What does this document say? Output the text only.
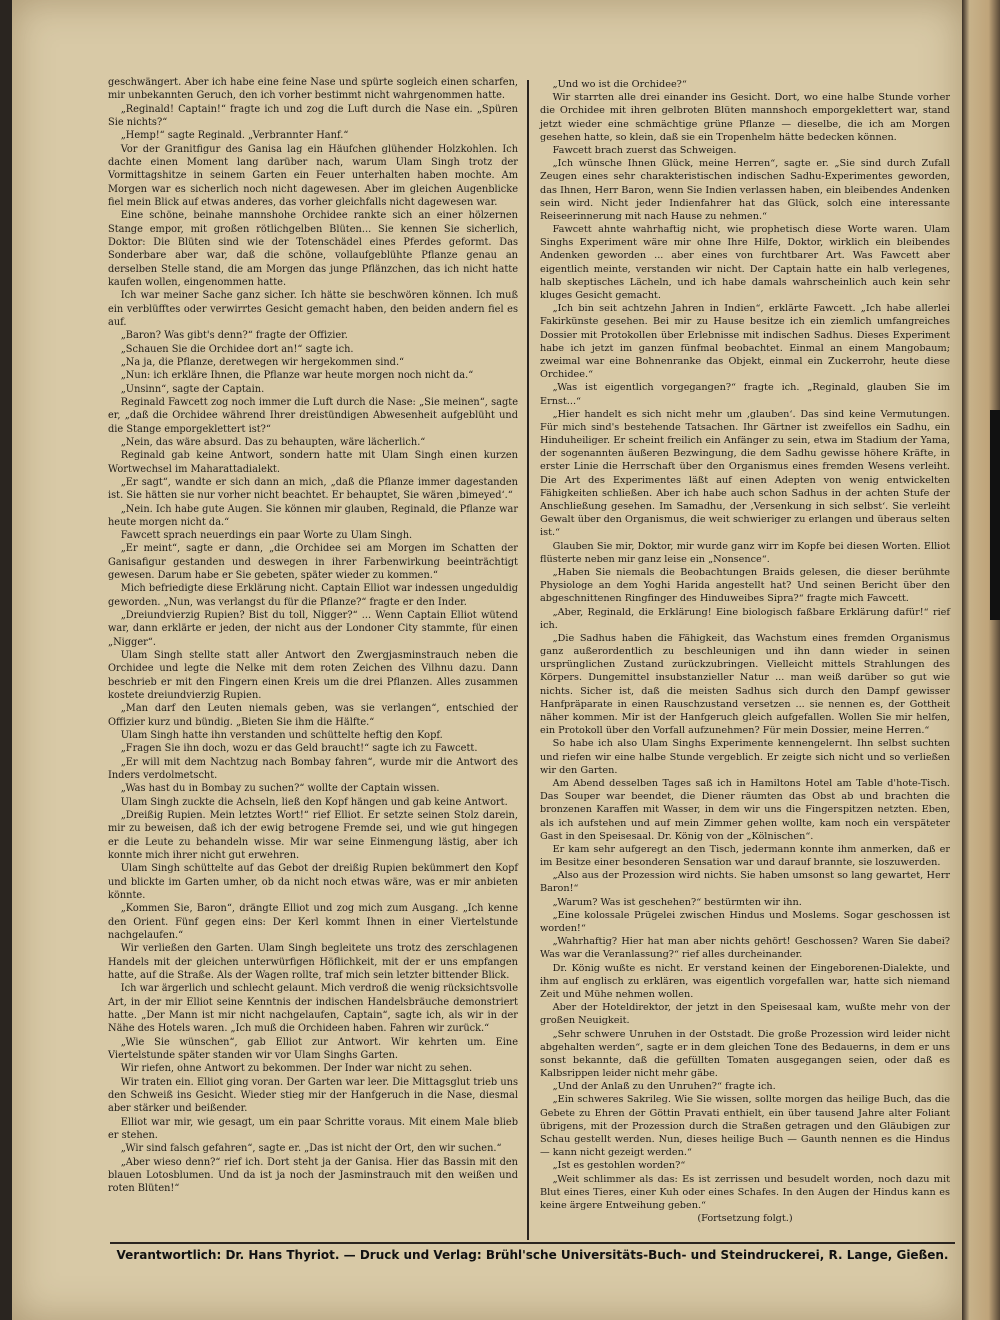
geschwängert. Aber ich habe eine feine Nase und spürte sogleich einen scharfen, mir unbekannten Geruch, den ich vorher bestimmt nicht wahrgenommen hatte.

„Reginald! Captain!“ fragte ich und zog die Luft durch die Nase ein. „Spüren Sie nichts?“

„Hemp!“ sagte Reginald. „Verbrannter Hanf.“

Vor der Granitfigur des Ganisa lag ein Häufchen glühender Holzkohlen. Ich dachte einen Moment lang darüber nach, warum Ulam Singh trotz der Vormittagshitze in seinem Garten ein Feuer unterhalten haben mochte. Am Morgen war es sicherlich noch nicht dagewesen. Aber im gleichen Augenblicke fiel mein Blick auf etwas anderes, das vorher gleichfalls nicht dagewesen war.

Eine schöne, beinahe mannshohe Orchidee rankte sich an einer hölzernen Stange empor, mit großen rötlichgelben Blüten... Sie kennen Sie sicherlich, Doktor: Die Blüten sind wie der Totenschädel eines Pferdes geformt. Das Sonderbare aber war, daß die schöne, vollaufgeblühte Pflanze genau an derselben Stelle stand, die am Morgen das junge Pflänzchen, das ich nicht hatte kaufen wollen, eingenommen hatte.

Ich war meiner Sache ganz sicher. Ich hätte sie beschwören können. Ich muß ein verblüfftes oder verwirrtes Gesicht gemacht haben, den beiden andern fiel es auf.

„Baron? Was gibt's denn?“ fragte der Offizier.

„Schauen Sie die Orchidee dort an!“ sagte ich.

„Na ja, die Pflanze, deretwegen wir hergekommen sind.“

„Nun: ich erkläre Ihnen, die Pflanze war heute morgen noch nicht da.“

„Unsinn“, sagte der Captain.

Reginald Fawcett zog noch immer die Luft durch die Nase: „Sie meinen“, sagte er, „daß die Orchidee während Ihrer dreistündigen Abwesenheit aufgeblüht und die Stange emporgeklettert ist?“

„Nein, das wäre absurd. Das zu behaupten, wäre lächerlich.“

Reginald gab keine Antwort, sondern hatte mit Ulam Singh einen kurzen Wortwechsel im Maharattadialekt.

„Er sagt“, wandte er sich dann an mich, „daß die Pflanze immer dagestanden ist. Sie hätten sie nur vorher nicht beachtet. Er behauptet, Sie wären ‚bimeyed‘.“

„Nein. Ich habe gute Augen. Sie können mir glauben, Reginald, die Pflanze war heute morgen nicht da.“

Fawcett sprach neuerdings ein paar Worte zu Ulam Singh.

„Er meint“, sagte er dann, „die Orchidee sei am Morgen im Schatten der Ganisafigur gestanden und deswegen in ihrer Farbenwirkung beeinträchtigt gewesen. Darum habe er Sie gebeten, später wieder zu kommen.“

Mich befriedigte diese Erklärung nicht. Captain Elliot war indessen ungeduldig geworden. „Nun, was verlangst du für die Pflanze?“ fragte er den Inder.

„Dreiundvierzig Rupien? Bist du toll, Nigger?“ ... Wenn Captain Elliot wütend war, dann erklärte er jeden, der nicht aus der Londoner City stammte, für einen „Nigger“.

Ulam Singh stellte statt aller Antwort den Zwergjasminstrauch neben die Orchidee und legte die Nelke mit dem roten Zeichen des Vilhnu dazu. Dann beschrieb er mit den Fingern einen Kreis um die drei Pflanzen. Alles zusammen kostete dreiundvierzig Rupien.

„Man darf den Leuten niemals geben, was sie verlangen“, entschied der Offizier kurz und bündig. „Bieten Sie ihm die Hälfte.“

Ulam Singh hatte ihn verstanden und schüttelte heftig den Kopf.

„Fragen Sie ihn doch, wozu er das Geld braucht!“ sagte ich zu Fawcett.

„Er will mit dem Nachtzug nach Bombay fahren“, wurde mir die Antwort des Inders verdolmetscht.

„Was hast du in Bombay zu suchen?“ wollte der Captain wissen.

Ulam Singh zuckte die Achseln, ließ den Kopf hängen und gab keine Antwort.

„Dreißig Rupien. Mein letztes Wort!“ rief Elliot. Er setzte seinen Stolz darein, mir zu beweisen, daß ich der ewig betrogene Fremde sei, und wie gut hingegen er die Leute zu behandeln wisse. Mir war seine Einmengung lästig, aber ich konnte mich ihrer nicht gut erwehren.

Ulam Singh schüttelte auf das Gebot der dreißig Rupien bekümmert den Kopf und blickte im Garten umher, ob da nicht noch etwas wäre, was er mir anbieten könnte.

„Kommen Sie, Baron“, drängte Elliot und zog mich zum Ausgang. „Ich kenne den Orient. Fünf gegen eins: Der Kerl kommt Ihnen in einer Viertelstunde nachgelaufen.“

Wir verließen den Garten. Ulam Singh begleitete uns trotz des zerschlagenen Handels mit der gleichen unterwürfigen Höflichkeit, mit der er uns empfangen hatte, auf die Straße. Als der Wagen rollte, traf mich sein letzter bittender Blick.

Ich war ärgerlich und schlecht gelaunt. Mich verdroß die wenig rücksichtsvolle Art, in der mir Elliot seine Kenntnis der indischen Handelsbräuche demonstriert hatte. „Der Mann ist mir nicht nachgelaufen, Captain“, sagte ich, als wir in der Nähe des Hotels waren. „Ich muß die Orchideen haben. Fahren wir zurück.“

„Wie Sie wünschen“, gab Elliot zur Antwort. Wir kehrten um. Eine Viertelstunde später standen wir vor Ulam Singhs Garten.

Wir riefen, ohne Antwort zu bekommen. Der Inder war nicht zu sehen.

Wir traten ein. Elliot ging voran. Der Garten war leer. Die Mittagsglut trieb uns den Schweiß ins Gesicht. Wieder stieg mir der Hanfgeruch in die Nase, diesmal aber stärker und beißender.

Elliot war mir, wie gesagt, um ein paar Schritte voraus. Mit einem Male blieb er stehen.

„Wir sind falsch gefahren“, sagte er. „Das ist nicht der Ort, den wir suchen.“

„Aber wieso denn?“ rief ich. Dort steht ja der Ganisa. Hier das Bassin mit den blauen Lotosblumen. Und da ist ja noch der Jasminstrauch mit den weißen und roten Blüten!“

„Und wo ist die Orchidee?“

Wir starrten alle drei einander ins Gesicht. Dort, wo eine halbe Stunde vorher die Orchidee mit ihren gelbroten Blüten mannshoch emporgeklettert war, stand jetzt wieder eine schmächtige grüne Pflanze — dieselbe, die ich am Morgen gesehen hatte, so klein, daß sie ein Tropenhelm hätte bedecken können.

Fawcett brach zuerst das Schweigen.

„Ich wünsche Ihnen Glück, meine Herren“, sagte er. „Sie sind durch Zufall Zeugen eines sehr charakteristischen indischen Sadhu-Experimentes geworden, das Ihnen, Herr Baron, wenn Sie Indien verlassen haben, ein bleibendes Andenken sein wird. Nicht jeder Indienfahrer hat das Glück, solch eine interessante Reiseerinnerung mit nach Hause zu nehmen.“

Fawcett ahnte wahrhaftig nicht, wie prophetisch diese Worte waren. Ulam Singhs Experiment wäre mir ohne Ihre Hilfe, Doktor, wirklich ein bleibendes Andenken geworden ... aber eines von furchtbarer Art. Was Fawcett aber eigentlich meinte, verstanden wir nicht. Der Captain hatte ein halb verlegenes, halb skeptisches Lächeln, und ich habe damals wahrscheinlich auch kein sehr kluges Gesicht gemacht.

„Ich bin seit achtzehn Jahren in Indien“, erklärte Fawcett. „Ich habe allerlei Fakirkünste gesehen. Bei mir zu Hause besitze ich ein ziemlich umfangreiches Dossier mit Protokollen über Erlebnisse mit indischen Sadhus. Dieses Experiment habe ich jetzt im ganzen fünfmal beobachtet. Einmal an einem Mangobaum; zweimal war eine Bohnenranke das Objekt, einmal ein Zuckerrohr, heute diese Orchidee.“

„Was ist eigentlich vorgegangen?“ fragte ich. „Reginald, glauben Sie im Ernst...“

„Hier handelt es sich nicht mehr um ‚glauben‘. Das sind keine Vermutungen. Für mich sind's bestehende Tatsachen. Ihr Gärtner ist zweifellos ein Sadhu, ein Hinduheiliger. Er scheint freilich ein Anfänger zu sein, etwa im Stadium der Yama, der sogenannten äußeren Bezwingung, die dem Sadhu gewisse höhere Kräfte, in erster Linie die Herrschaft über den Organismus eines fremden Wesens verleiht. Die Art des Experimentes läßt auf einen Adepten von wenig entwickelten Fähigkeiten schließen. Aber ich habe auch schon Sadhus in der achten Stufe der Anschließung gesehen. Im Samadhu, der ‚Versenkung in sich selbst‘. Sie verleiht Gewalt über den Organismus, die weit schwieriger zu erlangen und überaus selten ist.“

Glauben Sie mir, Doktor, mir wurde ganz wirr im Kopfe bei diesen Worten. Elliot flüsterte neben mir ganz leise ein „Nonsence“.

„Haben Sie niemals die Beobachtungen Braids gelesen, die dieser berühmte Physiologe an dem Yoghi Harida angestellt hat? Und seinen Bericht über den abgeschnittenen Ringfinger des Hinduweibes Sipra?“ fragte mich Fawcett.

„Aber, Reginald, die Erklärung! Eine biologisch faßbare Erklärung dafür!“ rief ich.

„Die Sadhus haben die Fähigkeit, das Wachstum eines fremden Organismus ganz außerordentlich zu beschleunigen und ihn dann wieder in seinen ursprünglichen Zustand zurückzubringen. Vielleicht mittels Strahlungen des Körpers. Dungemittel insubstanzieller Natur ... man weiß darüber so gut wie nichts. Sicher ist, daß die meisten Sadhus sich durch den Dampf gewisser Hanfpräparate in einen Rauschzustand versetzen ... sie nennen es, der Gottheit näher kommen. Mir ist der Hanfgeruch gleich aufgefallen. Wollen Sie mir helfen, ein Protokoll über den Vorfall aufzunehmen? Für mein Dossier, meine Herren.“

So habe ich also Ulam Singhs Experimente kennengelernt. Ihn selbst suchten und riefen wir eine halbe Stunde vergeblich. Er zeigte sich nicht und so verließen wir den Garten.

Am Abend desselben Tages saß ich in Hamiltons Hotel am Table d'hote-Tisch. Das Souper war beendet, die Diener räumten das Obst ab und brachten die bronzenen Karaffen mit Wasser, in dem wir uns die Fingerspitzen netzten. Eben, als ich aufstehen und auf mein Zimmer gehen wollte, kam noch ein verspäteter Gast in den Speisesaal. Dr. König von der „Kölnischen“.

Er kam sehr aufgeregt an den Tisch, jedermann konnte ihm anmerken, daß er im Besitze einer besonderen Sensation war und darauf brannte, sie loszuwerden.

„Also aus der Prozession wird nichts. Sie haben umsonst so lang gewartet, Herr Baron!“

„Warum? Was ist geschehen?“ bestürmten wir ihn.

„Eine kolossale Prügelei zwischen Hindus und Moslems. Sogar geschossen ist worden!“

„Wahrhaftig? Hier hat man aber nichts gehört! Geschossen? Waren Sie dabei? Was war die Veranlassung?“ rief alles durcheinander.

Dr. König wußte es nicht. Er verstand keinen der Eingeborenen-Dialekte, und ihm auf englisch zu erklären, was eigentlich vorgefallen war, hatte sich niemand Zeit und Mühe nehmen wollen.

Aber der Hoteldirektor, der jetzt in den Speisesaal kam, wußte mehr von der großen Neuigkeit.

„Sehr schwere Unruhen in der Oststadt. Die große Prozession wird leider nicht abgehalten werden“, sagte er in dem gleichen Tone des Bedauerns, in dem er uns sonst bekannte, daß die gefüllten Tomaten ausgegangen seien, oder daß es Kalbsrippen leider nicht mehr gäbe.

„Und der Anlaß zu den Unruhen?“ fragte ich.

„Ein schweres Sakrileg. Wie Sie wissen, sollte morgen das heilige Buch, das die Gebete zu Ehren der Göttin Pravati enthielt, ein über tausend Jahre alter Foliant übrigens, mit der Prozession durch die Straßen getragen und den Gläubigen zur Schau gestellt werden. Nun, dieses heilige Buch — Gaunth nennen es die Hindus — kann nicht gezeigt werden.“

„Ist es gestohlen worden?“

„Weit schlimmer als das: Es ist zerrissen und besudelt worden, noch dazu mit Blut eines Tieres, einer Kuh oder eines Schafes. In den Augen der Hindus kann es keine ärgere Entweihung geben.“

(Fortsetzung folgt.)

Verantwortlich: Dr. Hans Thyriot. — Druck und Verlag: Brühl'sche Universitäts-Buch- und Steindruckerei, R. Lange, Gießen.
